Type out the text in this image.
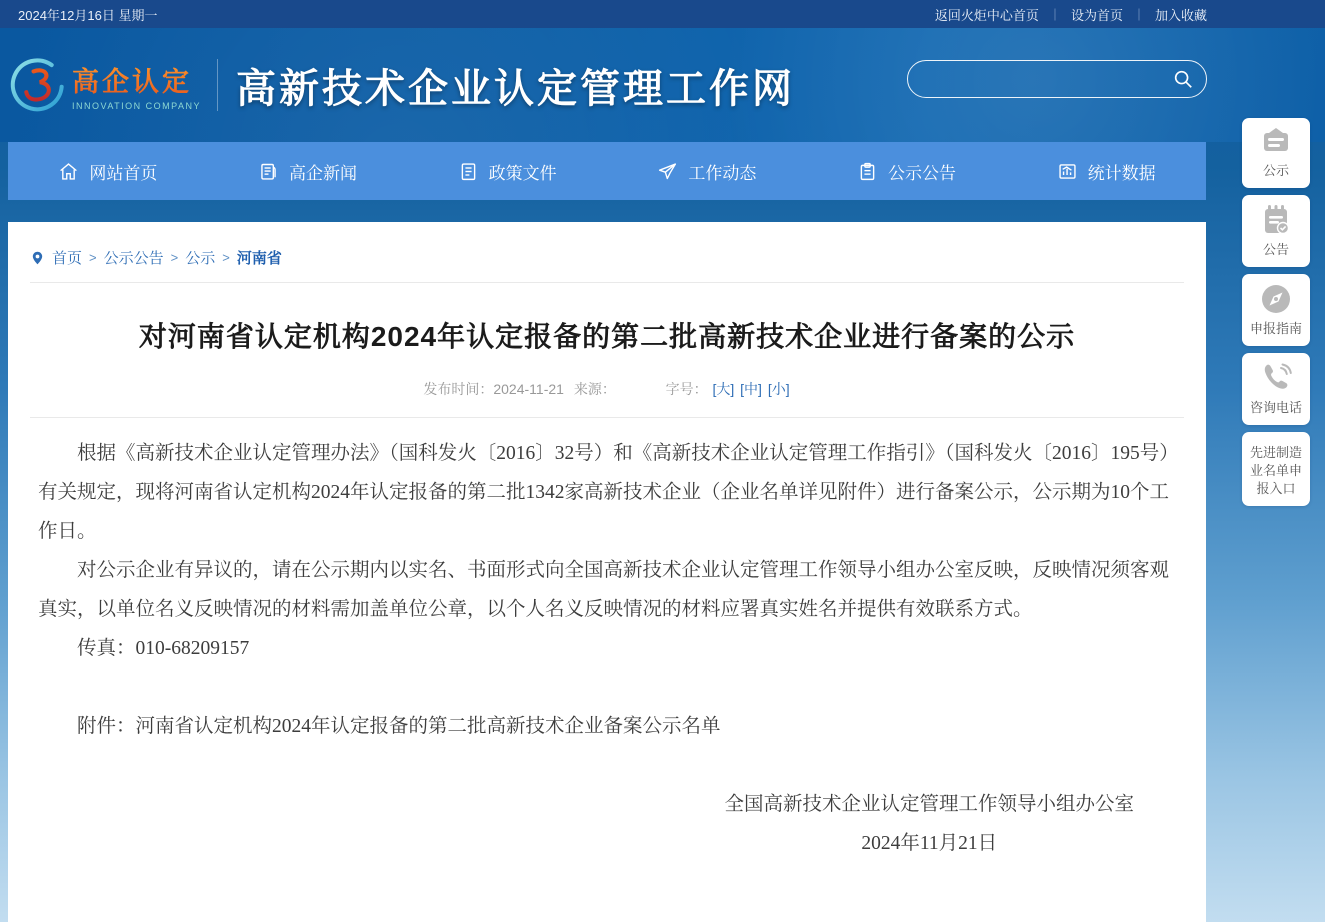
2024年12月16日 星期一	返回火炬中心首页 ｜ 设为首页 ｜ 加入收藏
高企认定
INNOVATION COMPANY 高新技术企业认定管理工作网
网站首页	高企新闻	政策文件	工作动态	公示公告	统计数据
首页 > 公示公告 > 公示 > 河南省
对河南省认定机构2024年认定报备的第二批高新技术企业进行备案的公示
发布时间：2024-11-21 来源：	字号： [大] [中] [小]

根据《高新技术企业认定管理办法》（国科发火〔2016〕32号）和《高新技术企业认定管理工作指引》（国科发火〔2016〕195号）有关规定，现将河南省认定机构2024年认定报备的第二批1342家高新技术企业（企业名单详见附件）进行备案公示，公示期为10个工作日。

对公示企业有异议的，请在公示期内以实名、书面形式向全国高新技术企业认定管理工作领导小组办公室反映，反映情况须客观真实，以单位名义反映情况的材料需加盖单位公章，以个人名义反映情况的材料应署真实姓名并提供有效联系方式。

传真：010-68209157

附件：河南省认定机构2024年认定报备的第二批高新技术企业备案公示名单

全国高新技术企业认定管理工作领导小组办公室

2024年11月21日

公示
公告
申报指南
咨询电话
先进制造业名单申报入口
